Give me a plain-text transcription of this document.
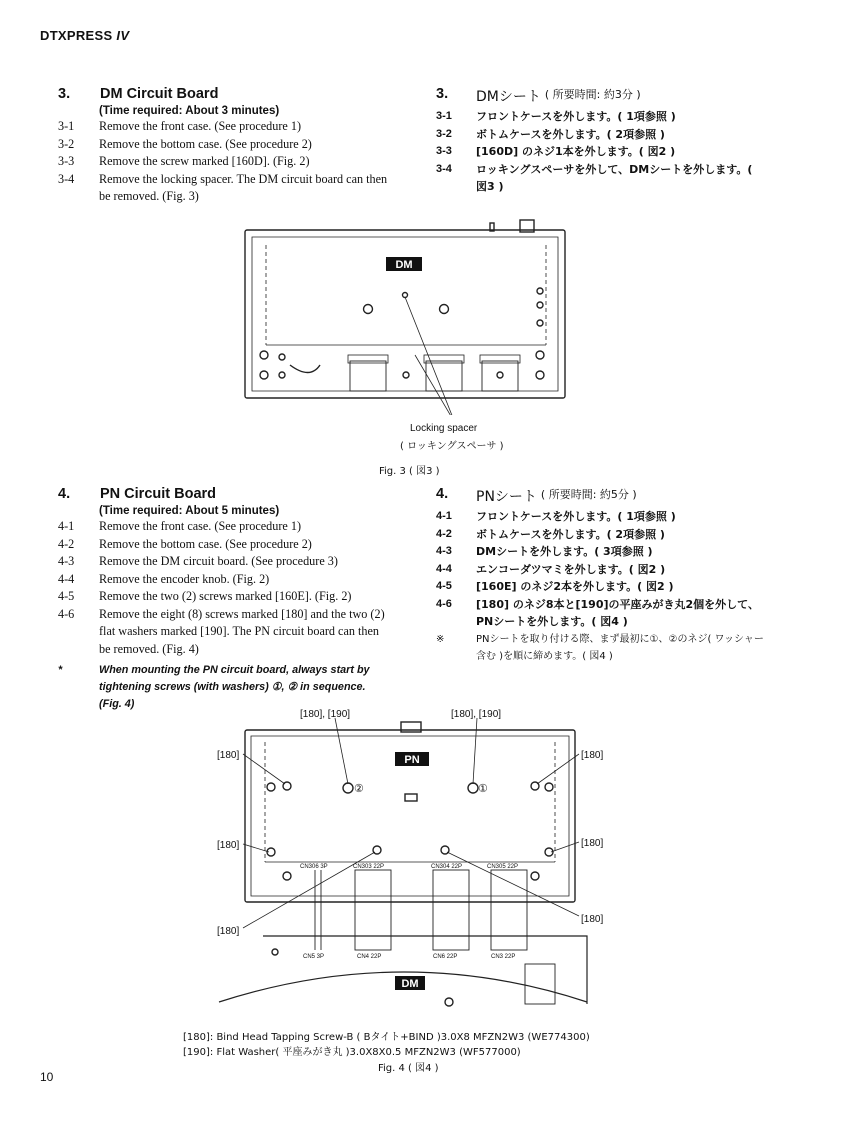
DTXPRESS IV
3.	DM Circuit Board
(Time required: About 3 minutes)
3-1	Remove the front case. (See procedure 1)
3-2	Remove the bottom case. (See procedure 2)
3-3	Remove the screw marked [160D]. (Fig. 2)
3-4	Remove the locking spacer. The DM circuit board can then be removed. (Fig. 3)
3.	DMシート ( 所要時間: 約3分 )
3-1	フロントケースを外します。( 1項参照 )
3-2	ボトムケースを外します。( 2項参照 )
3-3	[160D] のネジ1本を外します。( 図2 )
3-4	ロッキングスペーサを外して、DMシートを外します。( 図3 )
DM
Locking spacer
( ロッキングスペーサ )
Fig. 3 ( 図3 )
4.	PN Circuit Board
(Time required: About 5 minutes)
4-1	Remove the front case. (See procedure 1)
4-2	Remove the bottom case. (See procedure 2)
4-3	Remove the DM circuit board. (See procedure 3)
4-4	Remove the encoder knob. (Fig. 2)
4-5	Remove the two (2) screws marked [160E]. (Fig. 2)
4-6	Remove the eight (8) screws marked [180] and the two (2) flat washers marked [190]. The PN circuit board can then be removed. (Fig. 4)
*	When mounting the PN circuit board, always start by tightening screws (with washers) ①, ② in sequence. (Fig. 4)
4.	PNシート ( 所要時間: 約5分 )
4-1	フロントケースを外します。( 1項参照 )
4-2	ボトムケースを外します。( 2項参照 )
4-3	DMシートを外します。( 3項参照 )
4-4	エンコーダツマミを外します。( 図2 )
4-5	[160E] のネジ2本を外します。( 図2 )
4-6	[180] のネジ8本と[190]の平座みがき丸2個を外して、PNシートを外します。( 図4 )
※	PNシートを取り付ける際、まず最初に①、②のネジ( ワッシャー含む )を順に締めます。( 図4 )
②	①
PN
DM
CN306 3P	CN303 22P	CN304 22P	CN305 22P
CN5 3P	CN4 22P	CN6 22P	CN3 22P
[180], [190]	[180], [190]
[180]	[180]
[180]	[180]
[180]
[180]
[180]: Bind Head Tapping Screw-B ( Bタイト+BIND )3.0X8 MFZN2W3 (WE774300)
[190]: Flat Washer( 平座みがき丸 )3.0X8X0.5 MFZN2W3 (WF577000)
Fig. 4 ( 図4 )
10
